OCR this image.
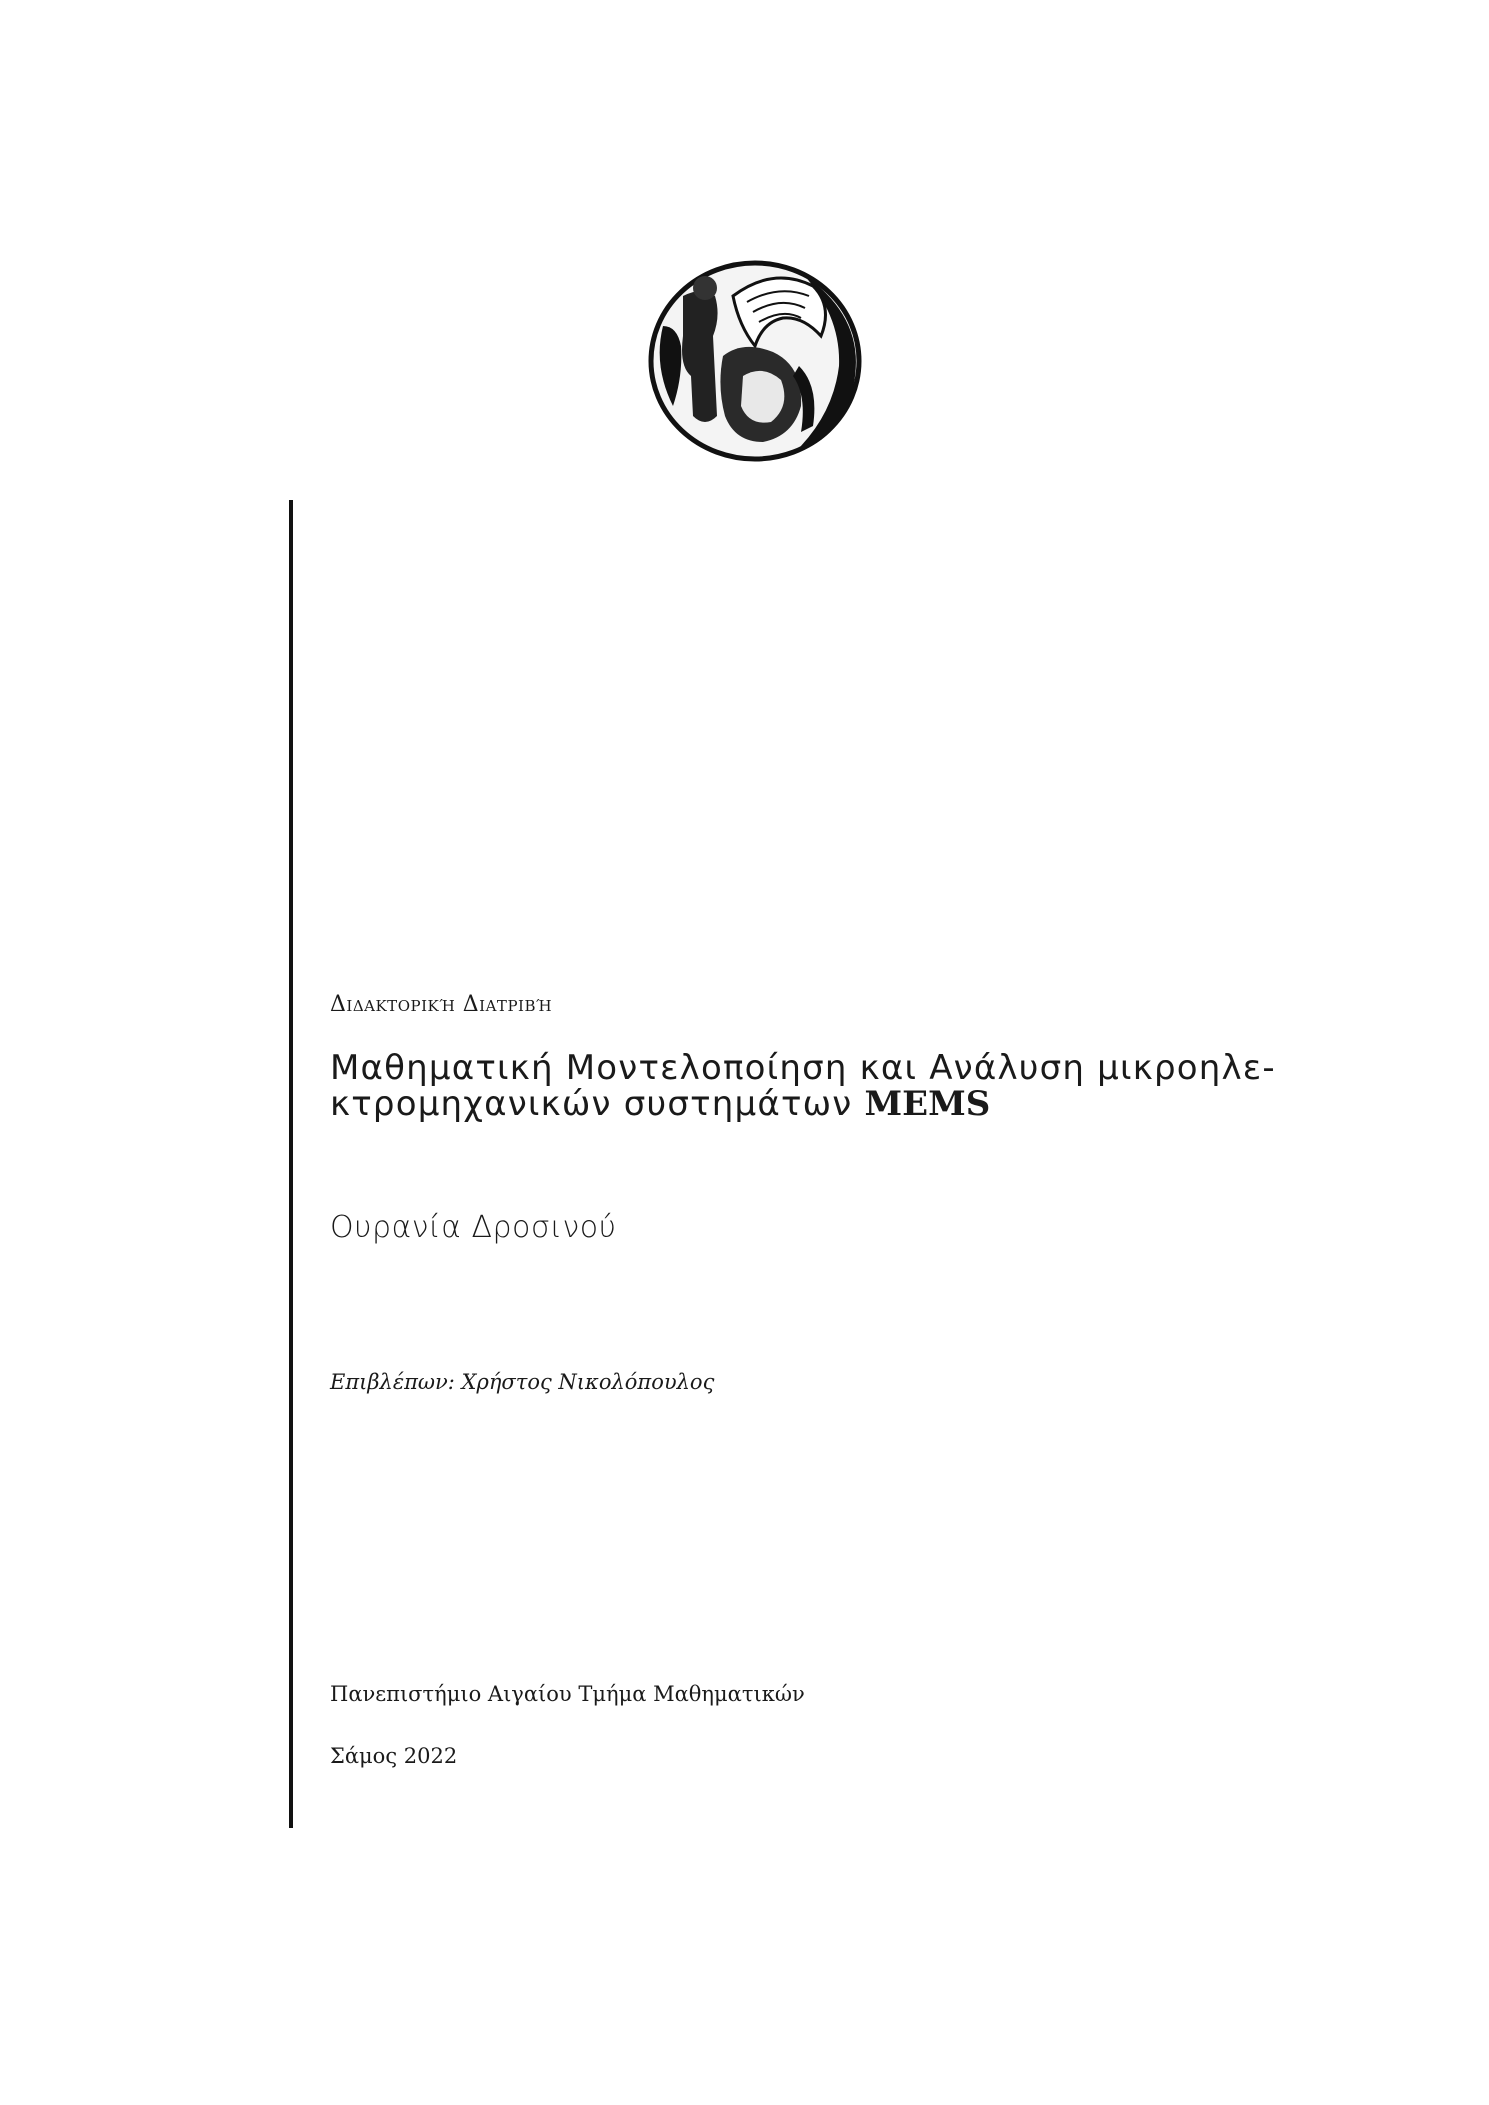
Διδακτορική Διατριβή
Μαθηματική Μοντελοποίηση και Ανάλυση μικροηλε-
κτρομηχανικών συστημάτων MEMS
Ουρανία Δροσινού
Επιβλέπων: Χρήστος Νικολόπουλος
Πανεπιστήμιο Αιγαίου Τμήμα Μαθηματικών
Σάμος 2022
